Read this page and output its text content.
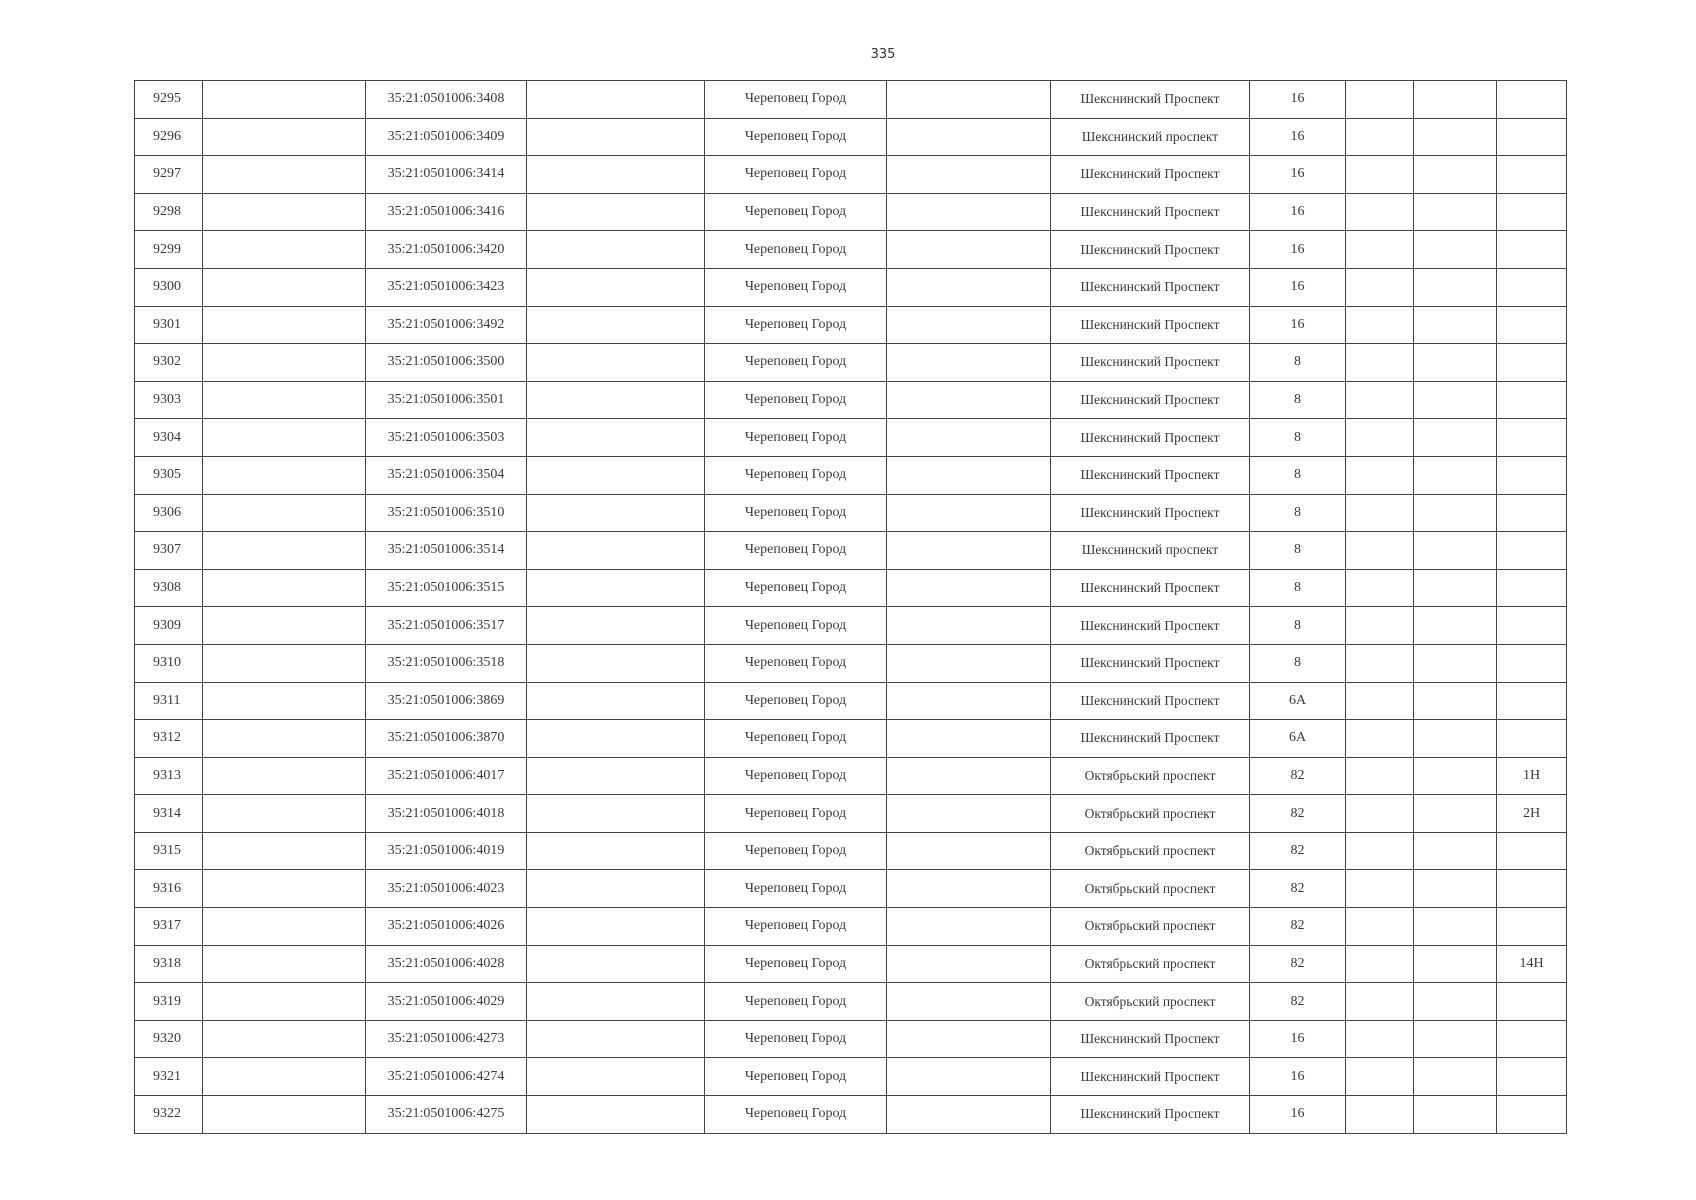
335
9295		35:21:0501006:3408		Череповец Город		Шекснинский Проспект	16			
9296		35:21:0501006:3409		Череповец Город		Шекснинский проспект	16			
9297		35:21:0501006:3414		Череповец Город		Шекснинский Проспект	16			
9298		35:21:0501006:3416		Череповец Город		Шекснинский Проспект	16			
9299		35:21:0501006:3420		Череповец Город		Шекснинский Проспект	16			
9300		35:21:0501006:3423		Череповец Город		Шекснинский Проспект	16			
9301		35:21:0501006:3492		Череповец Город		Шекснинский Проспект	16			
9302		35:21:0501006:3500		Череповец Город		Шекснинский Проспект	8			
9303		35:21:0501006:3501		Череповец Город		Шекснинский Проспект	8			
9304		35:21:0501006:3503		Череповец Город		Шекснинский Проспект	8			
9305		35:21:0501006:3504		Череповец Город		Шекснинский Проспект	8			
9306		35:21:0501006:3510		Череповец Город		Шекснинский Проспект	8			
9307		35:21:0501006:3514		Череповец Город		Шекснинский проспект	8			
9308		35:21:0501006:3515		Череповец Город		Шекснинский Проспект	8			
9309		35:21:0501006:3517		Череповец Город		Шекснинский Проспект	8			
9310		35:21:0501006:3518		Череповец Город		Шекснинский Проспект	8			
9311		35:21:0501006:3869		Череповец Город		Шекснинский Проспект	6А			
9312		35:21:0501006:3870		Череповец Город		Шекснинский Проспект	6А			
9313		35:21:0501006:4017		Череповец Город		Октябрьский проспект	82			1Н
9314		35:21:0501006:4018		Череповец Город		Октябрьский проспект	82			2Н
9315		35:21:0501006:4019		Череповец Город		Октябрьский проспект	82			
9316		35:21:0501006:4023		Череповец Город		Октябрьский проспект	82			
9317		35:21:0501006:4026		Череповец Город		Октябрьский проспект	82			
9318		35:21:0501006:4028		Череповец Город		Октябрьский проспект	82			14Н
9319		35:21:0501006:4029		Череповец Город		Октябрьский проспект	82			
9320		35:21:0501006:4273		Череповец Город		Шекснинский Проспект	16			
9321		35:21:0501006:4274		Череповец Город		Шекснинский Проспект	16			
9322		35:21:0501006:4275		Череповец Город		Шекснинский Проспект	16			
